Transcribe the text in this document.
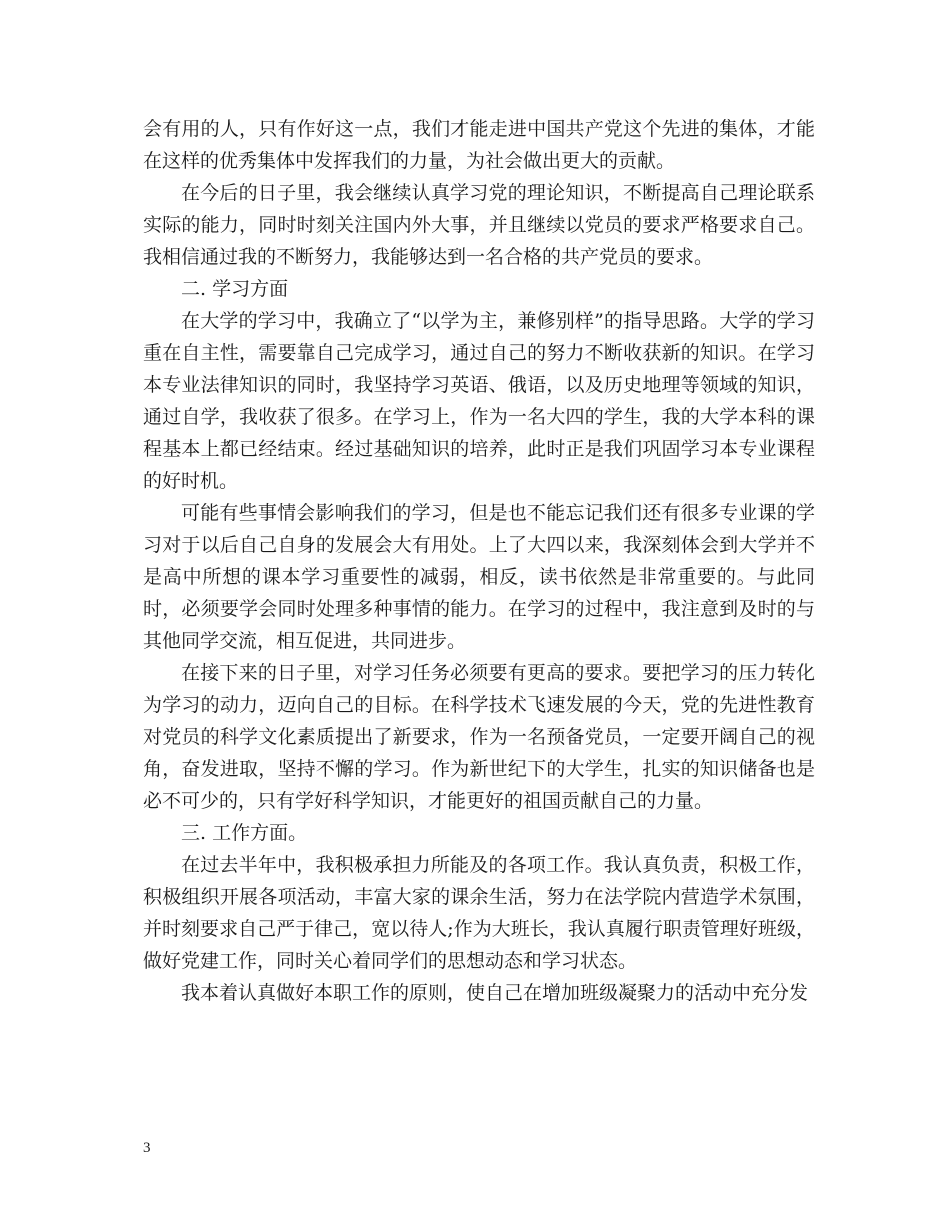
会有用的人，只有作好这一点，我们才能走进中国共产党这个先进的集体，才能在这样的优秀集体中发挥我们的力量，为社会做出更大的贡献。

在今后的日子里，我会继续认真学习党的理论知识，不断提高自己理论联系实际的能力，同时时刻关注国内外大事，并且继续以党员的要求严格要求自己。我相信通过我的不断努力，我能够达到一名合格的共产党员的要求。

二. 学习方面

在大学的学习中，我确立了“以学为主，兼修别样”的指导思路。大学的学习重在自主性，需要靠自己完成学习，通过自己的努力不断收获新的知识。在学习本专业法律知识的同时，我坚持学习英语、俄语，以及历史地理等领域的知识，通过自学，我收获了很多。在学习上，作为一名大四的学生，我的大学本科的课程基本上都已经结束。经过基础知识的培养，此时正是我们巩固学习本专业课程的好时机。

可能有些事情会影响我们的学习，但是也不能忘记我们还有很多专业课的学习对于以后自己自身的发展会大有用处。上了大四以来，我深刻体会到大学并不是高中所想的课本学习重要性的减弱，相反，读书依然是非常重要的。与此同时，必须要学会同时处理多种事情的能力。在学习的过程中，我注意到及时的与其他同学交流，相互促进，共同进步。

在接下来的日子里，对学习任务必须要有更高的要求。要把学习的压力转化为学习的动力，迈向自己的目标。在科学技术飞速发展的今天，党的先进性教育对党员的科学文化素质提出了新要求，作为一名预备党员，一定要开阔自己的视角，奋发进取，坚持不懈的学习。作为新世纪下的大学生，扎实的知识储备也是必不可少的，只有学好科学知识，才能更好的祖国贡献自己的力量。

三. 工作方面。

在过去半年中，我积极承担力所能及的各项工作。我认真负责，积极工作，积极组织开展各项活动，丰富大家的课余生活，努力在法学院内营造学术氛围，并时刻要求自己严于律己，宽以待人;作为大班长，我认真履行职责管理好班级，做好党建工作，同时关心着同学们的思想动态和学习状态。

我本着认真做好本职工作的原则，使自己在增加班级凝聚力的活动中充分发

3
